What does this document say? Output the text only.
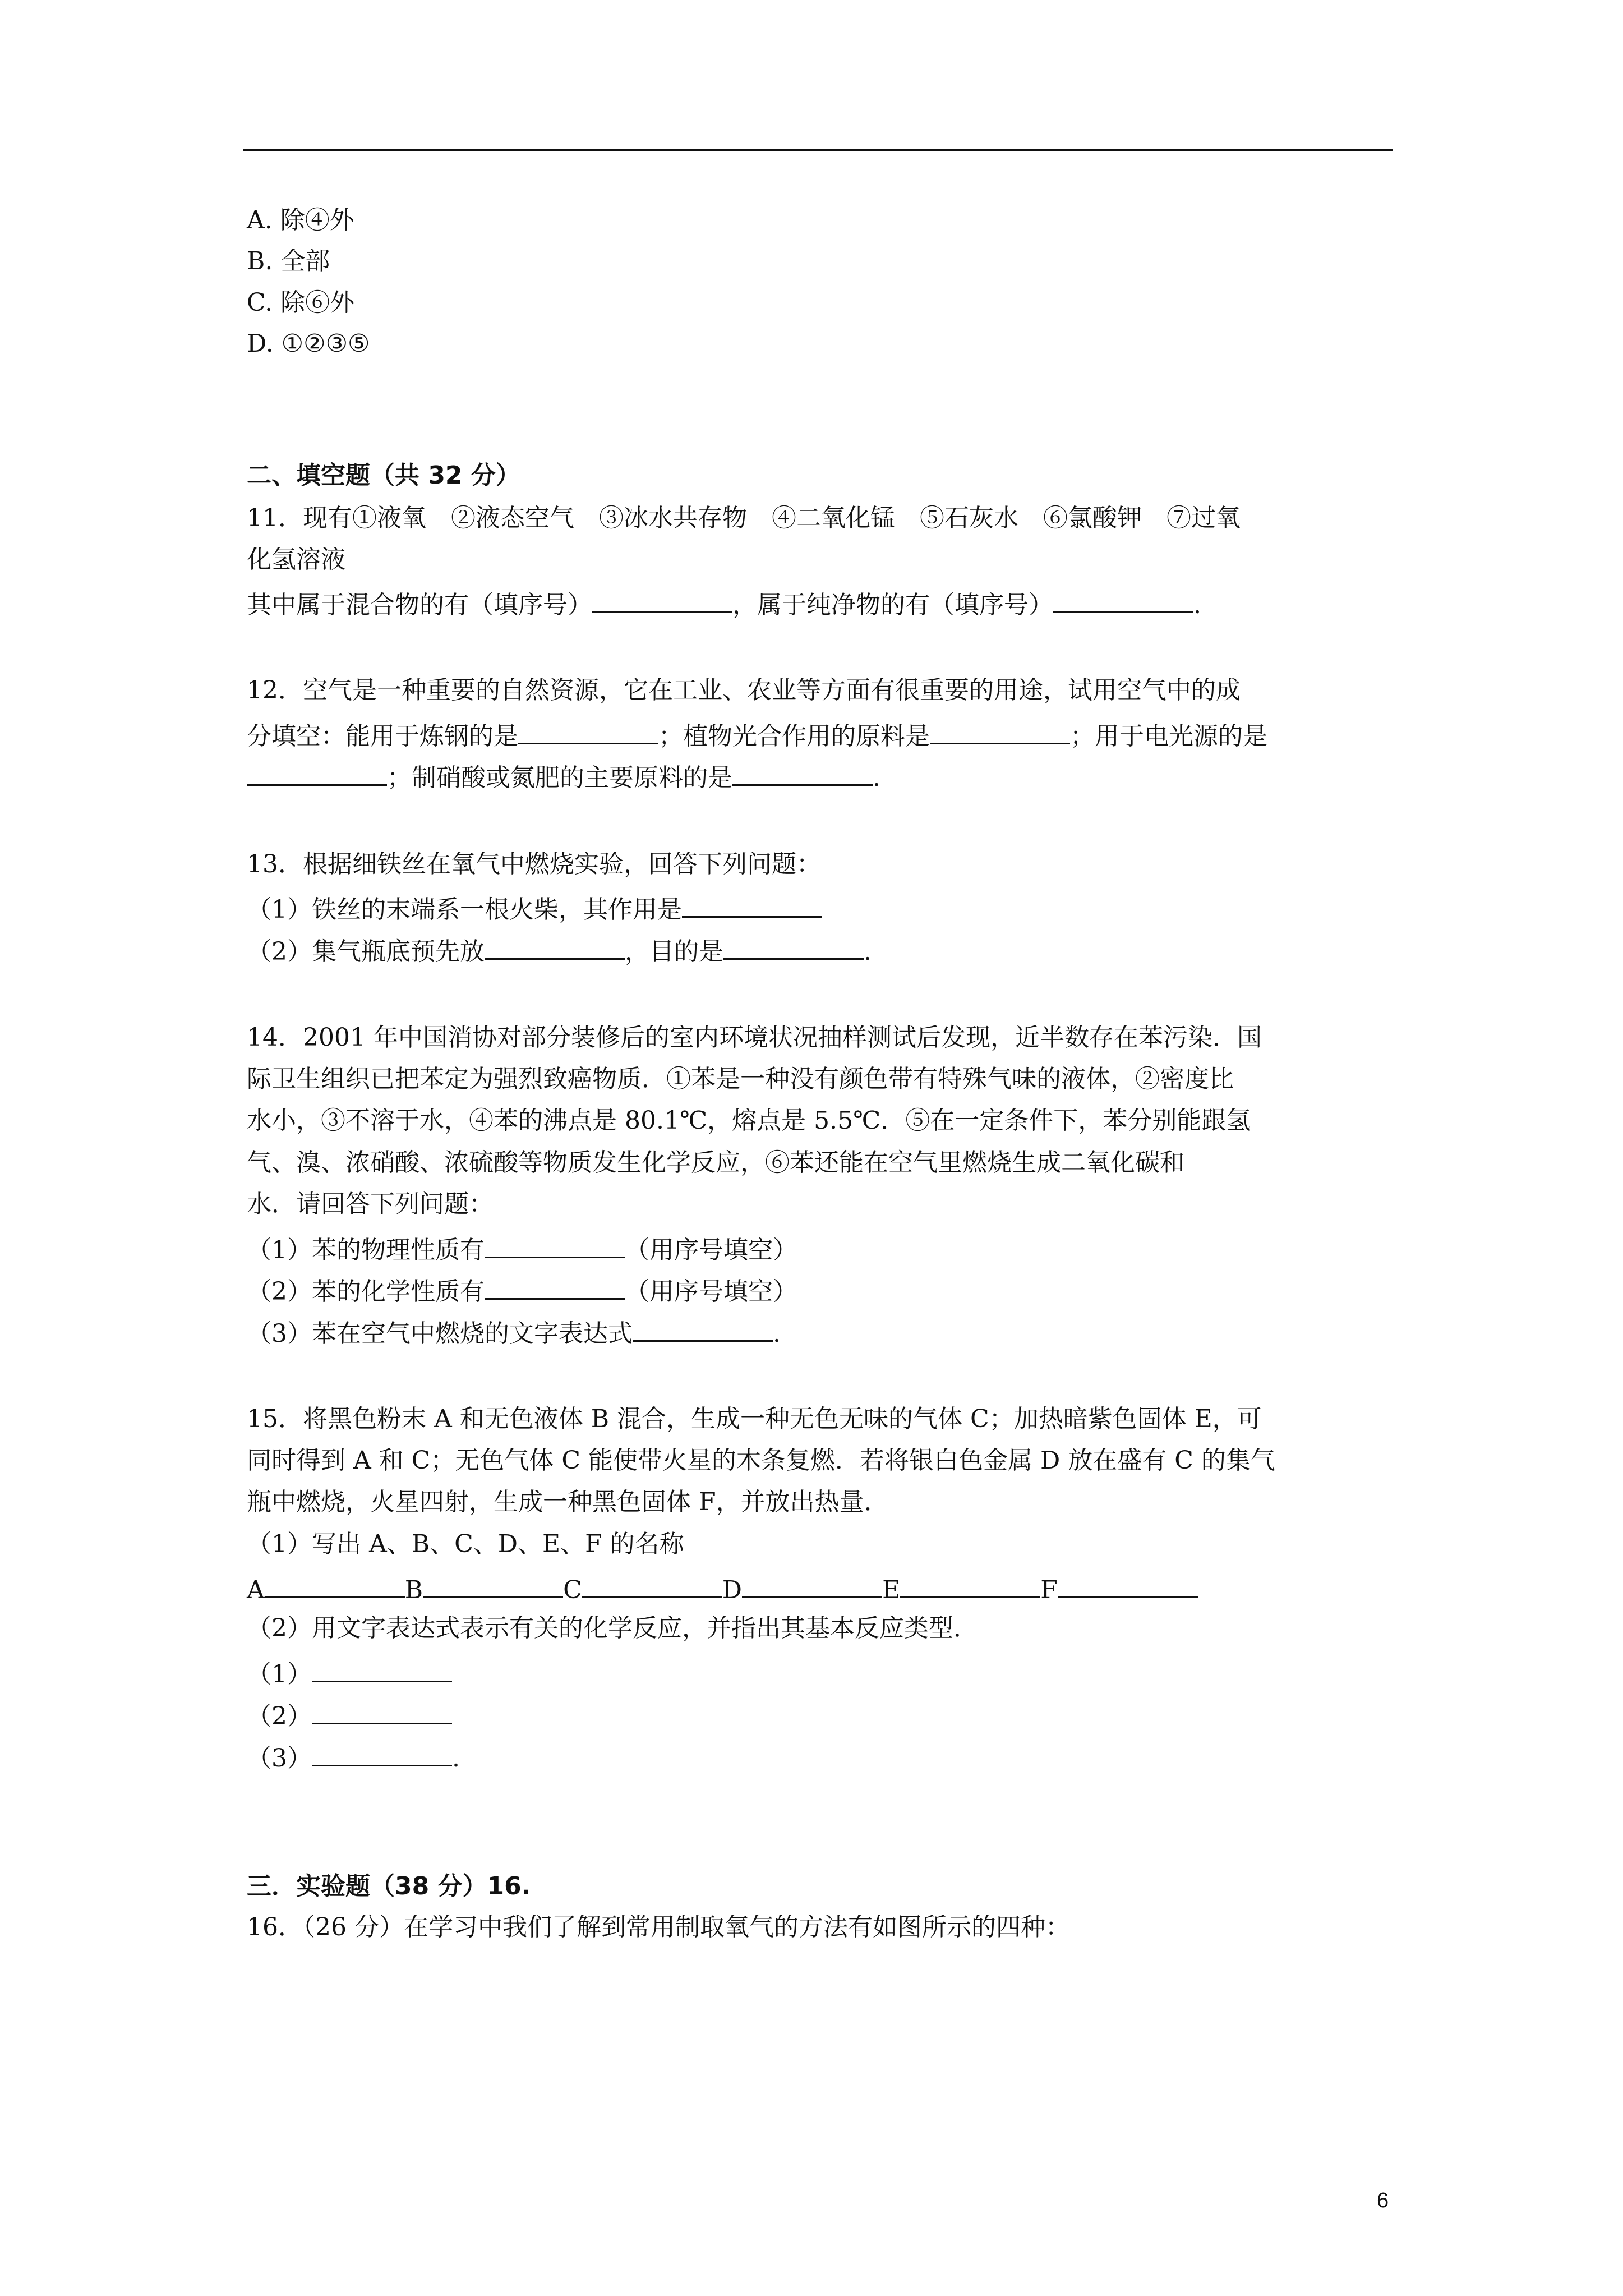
A. 除④外
B. 全部
C. 除⑥外
D. ①②③⑤
二、填空题（共 32 分）
11．现有①液氧　②液态空气　③冰水共存物　④二氧化锰　⑤石灰水　⑥氯酸钾　⑦过氧
化氢溶液
其中属于混合物的有（填序号）	，属于纯净物的有（填序号）	.
12．空气是一种重要的自然资源，它在工业、农业等方面有很重要的用途，试用空气中的成
分填空：能用于炼钢的是	；植物光合作用的原料是	；用于电光源的是
；制硝酸或氮肥的主要原料的是	.
13．根据细铁丝在氧气中燃烧实验，回答下列问题：
（1）铁丝的末端系一根火柴，其作用是
（2）集气瓶底预先放	，目的是	.
14．2001 年中国消协对部分装修后的室内环境状况抽样测试后发现，近半数存在苯污染．国
际卫生组织已把苯定为强烈致癌物质．①苯是一种没有颜色带有特殊气味的液体，②密度比
水小，③不溶于水，④苯的沸点是 80.1℃，熔点是 5.5℃．⑤在一定条件下，苯分别能跟氢
气、溴、浓硝酸、浓硫酸等物质发生化学反应，⑥苯还能在空气里燃烧生成二氧化碳和
水．请回答下列问题：
（1）苯的物理性质有	（用序号填空）
（2）苯的化学性质有	（用序号填空）
（3）苯在空气中燃烧的文字表达式	.
15．将黑色粉末 A 和无色液体 B 混合，生成一种无色无味的气体 C；加热暗紫色固体 E，可
同时得到 A 和 C；无色气体 C 能使带火星的木条复燃．若将银白色金属 D 放在盛有 C 的集气
瓶中燃烧，火星四射，生成一种黑色固体 F，并放出热量．
（1）写出 A、B、C、D、E、F 的名称
A	B	C	D	E	F
（2）用文字表达式表示有关的化学反应，并指出其基本反应类型．
（1）
（2）
（3）	.
三．实验题（38 分）16.
16．（26 分）在学习中我们了解到常用制取氧气的方法有如图所示的四种：
6
